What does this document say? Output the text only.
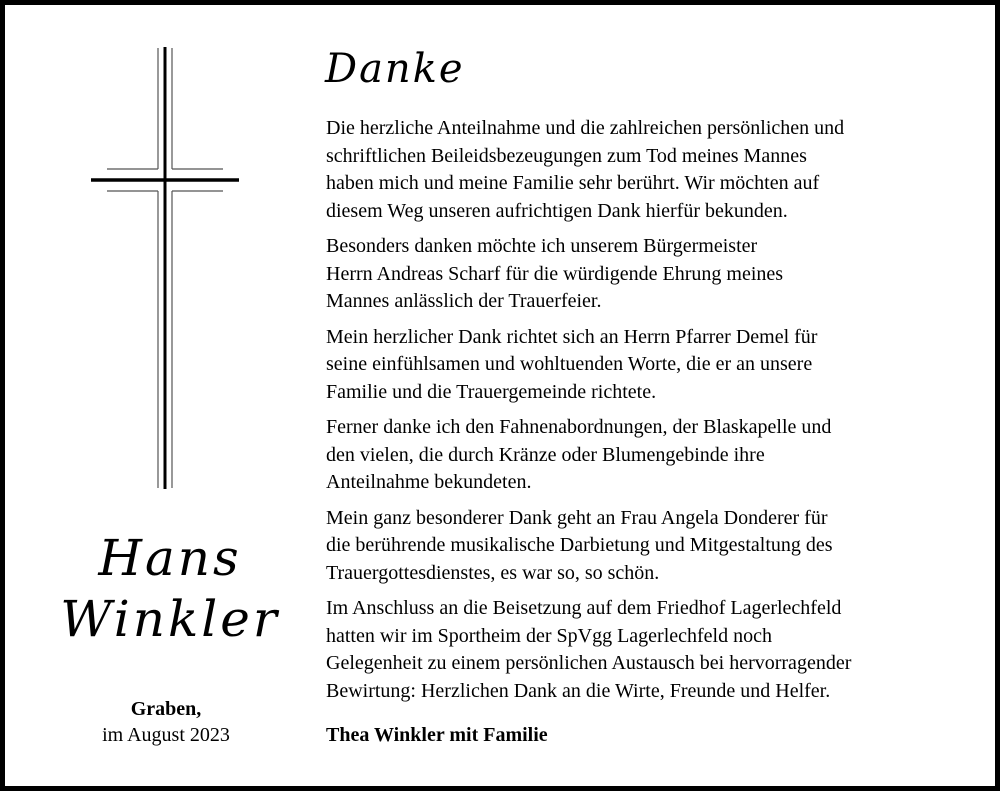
Hans
Winkler
Graben,
im August 2023
Danke

Die herzliche Anteilnahme und die zahlreichen persönlichen und
schriftlichen Beileidsbezeugungen zum Tod meines Mannes
haben mich und meine Familie sehr berührt. Wir möchten auf
diesem Weg unseren aufrichtigen Dank hierfür bekunden.

Besonders danken möchte ich unserem Bürgermeister
Herrn Andreas Scharf für die würdigende Ehrung meines
Mannes anlässlich der Trauerfeier.

Mein herzlicher Dank richtet sich an Herrn Pfarrer Demel für
seine einfühlsamen und wohltuenden Worte, die er an unsere
Familie und die Trauergemeinde richtete.

Ferner danke ich den Fahnenabordnungen, der Blaskapelle und
den vielen, die durch Kränze oder Blumengebinde ihre
Anteilnahme bekundeten.

Mein ganz besonderer Dank geht an Frau Angela Donderer für
die berührende musikalische Darbietung und Mitgestaltung des
Trauergottesdienstes, es war so, so schön.

Im Anschluss an die Beisetzung auf dem Friedhof Lagerlechfeld
hatten wir im Sportheim der SpVgg Lagerlechfeld noch
Gelegenheit zu einem persönlichen Austausch bei hervorragender
Bewirtung: Herzlichen Dank an die Wirte, Freunde und Helfer.

Thea Winkler mit Familie
